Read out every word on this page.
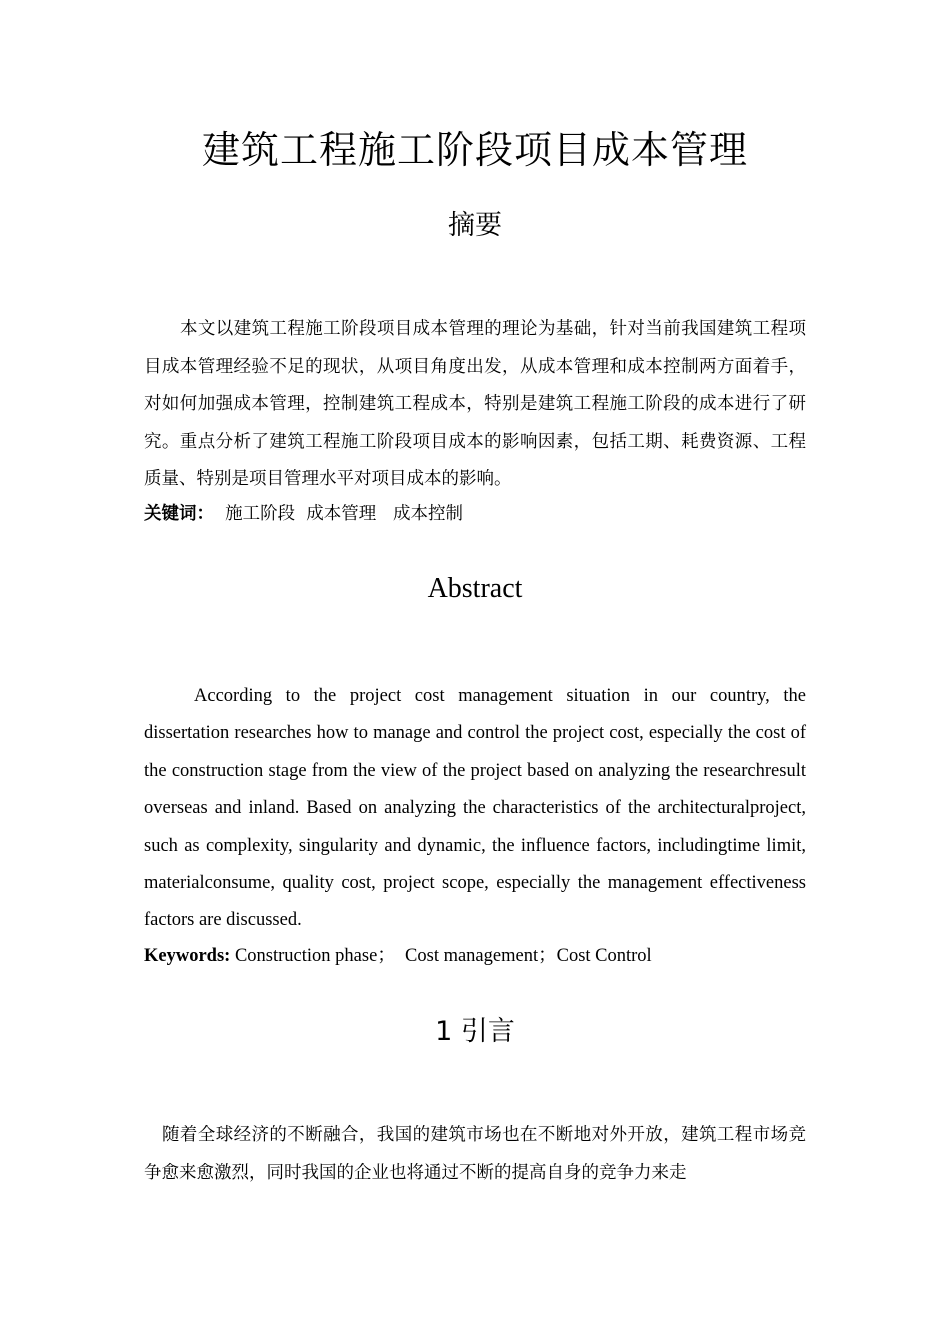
建筑工程施工阶段项目成本管理
摘要
本文以建筑工程施工阶段项目成本管理的理论为基础，针对当前我国建筑工程项目成本管理经验不足的现状，从项目角度出发，从成本管理和成本控制两方面着手，对如何加强成本管理，控制建筑工程成本，特别是建筑工程施工阶段的成本进行了研究。重点分析了建筑工程施工阶段项目成本的影响因素，包括工期、耗费资源、工程质量、特别是项目管理水平对项目成本的影响。
关键词：  施工阶段  成本管理   成本控制
Abstract
According to the project cost management situation in our country, the dissertation researches how to manage and control the project cost, especially the cost of the construction stage from the view of the project based on analyzing the researchresult overseas and inland. Based on analyzing the characteristics of the architecturalproject, such as complexity, singularity and dynamic, the influence factors, includingtime limit, materialconsume, quality cost, project scope, especially the management effectiveness factors are discussed.
Keywords: Construction phase；  Cost management；Cost Control
1 引言
随着全球经济的不断融合，我国的建筑市场也在不断地对外开放，建筑工程市场竞争愈来愈激烈，同时我国的企业也将通过不断的提高自身的竞争力来走
